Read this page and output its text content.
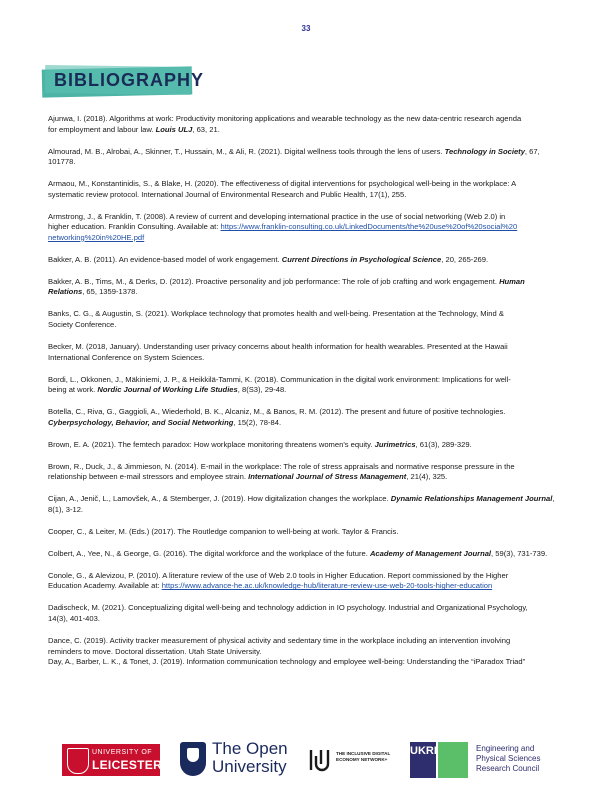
33
BIBLIOGRAPHY

Ajunwa, I. (2018). Algorithms at work: Productivity monitoring applications and wearable technology as the new data-centric research agenda

for employment and labour law. Louis ULJ, 63, 21.

Almourad, M. B., Alrobai, A., Skinner, T., Hussain, M., & Ali, R. (2021). Digital wellness tools through the lens of users. Technology in Society, 67,

101778.

Armaou, M., Konstantinidis, S., & Blake, H. (2020). The effectiveness of digital interventions for psychological well-being in the workplace: A

systematic review protocol. International Journal of Environmental Research and Public Health, 17(1), 255.

Armstrong, J., & Franklin, T. (2008). A review of current and developing international practice in the use of social networking (Web 2.0) in

higher education. Franklin Consulting. Available at: https://www.franklin-consulting.co.uk/LinkedDocuments/the%20use%20of%20social%20

networking%20in%20HE.pdf

Bakker, A. B. (2011). An evidence-based model of work engagement. Current Directions in Psychological Science, 20, 265-269.

Bakker, A. B., Tims, M., & Derks, D. (2012). Proactive personality and job performance: The role of job crafting and work engagement. Human

Relations, 65, 1359-1378.

Banks, C. G., & Augustin, S. (2021). Workplace technology that promotes health and well-being. Presentation at the Technology, Mind &

Society Conference.

Becker, M. (2018, January). Understanding user privacy concerns about health information for health wearables. Presented at the Hawaii

International Conference on System Sciences.

Bordi, L., Okkonen, J., Mäkiniemi, J. P., & Heikkilä-Tammi, K. (2018). Communication in the digital work environment: Implications for well-

being at work. Nordic Journal of Working Life Studies, 8(S3), 29-48.

Botella, C., Riva, G., Gaggioli, A., Wiederhold, B. K., Alcaniz, M., & Banos, R. M. (2012). The present and future of positive technologies.

Cyberpsychology, Behavior, and Social Networking, 15(2), 78-84.

Brown, E. A. (2021). The femtech paradox: How workplace monitoring threatens women's equity. Jurimetrics, 61(3), 289-329.

Brown, R., Duck, J., & Jimmieson, N. (2014). E-mail in the workplace: The role of stress appraisals and normative response pressure in the

relationship between e-mail stressors and employee strain. International Journal of Stress Management, 21(4), 325.

Cijan, A., Jenič, L., Lamovšek, A., & Stemberger, J. (2019). How digitalization changes the workplace. Dynamic Relationships Management Journal,

8(1), 3-12.

Cooper, C., & Leiter, M. (Eds.) (2017). The Routledge companion to well-being at work. Taylor & Francis.

Colbert, A., Yee, N., & George, G. (2016). The digital workforce and the workplace of the future. Academy of Management Journal, 59(3), 731-739.

Conole, G., & Alevizou, P. (2010). A literature review of the use of Web 2.0 tools in Higher Education. Report commissioned by the Higher

Education Academy. Available at: https://www.advance-he.ac.uk/knowledge-hub/literature-review-use-web-20-tools-higher-education

Dadischeck, M. (2021). Conceptualizing digital well-being and technology addiction in IO psychology. Industrial and Organizational Psychology,

14(3), 401-403.

Dance, C. (2019). Activity tracker measurement of physical activity and sedentary time in the workplace including an intervention involving

reminders to move. Doctoral dissertation. Utah State University.

Day, A., Barber, L. K., & Tonet, J. (2019). Information communication technology and employee well-being: Understanding the “iParadox Triad”

UNIVERSITY OF
LEICESTER
The Open
University
THE INCLUSIVE DIGITAL ECONOMY NETWORK+
UKRI	Engineering and
Physical Sciences
Research Council
